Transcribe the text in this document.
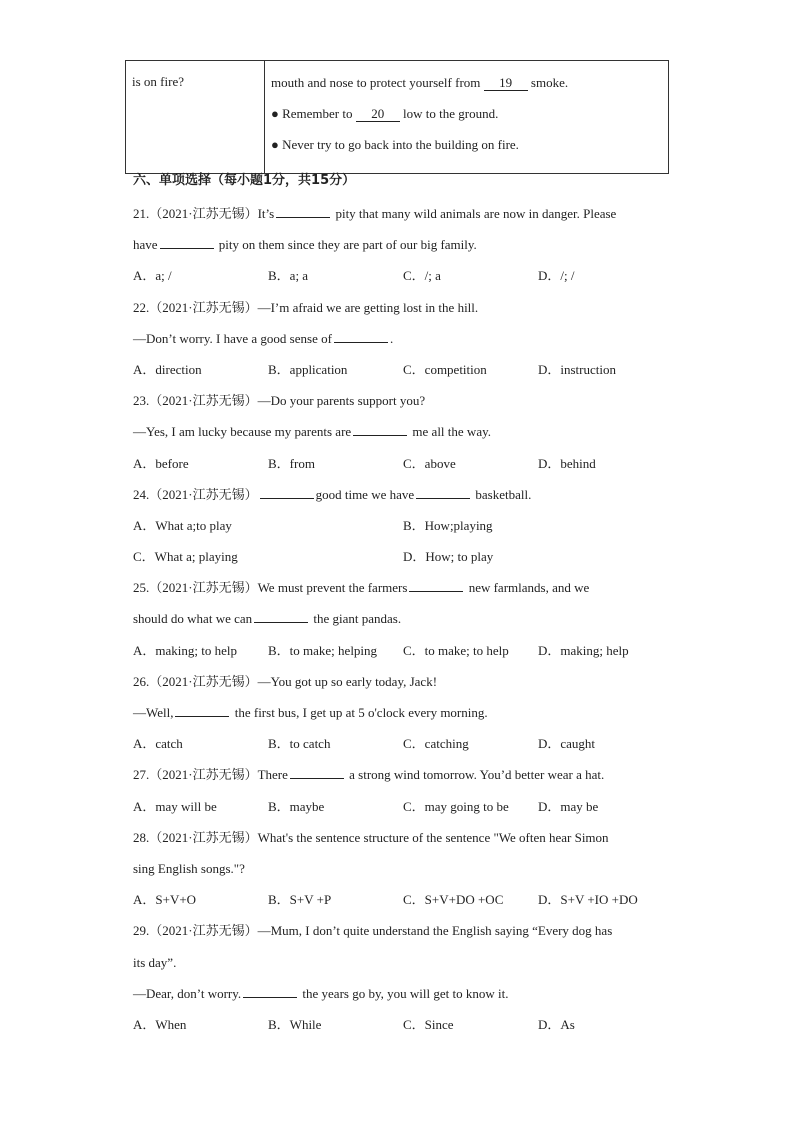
is on fire?	mouth and nose to protect yourself from 19 smoke.
● Remember to 20 low to the ground.
● Never try to go back into the building on fire.
六、单项选择（每小题1分，共15分）
21.（2021·江苏无锡）It’s	pity that many wild animals are now in danger. Please
have	pity on them since they are part of our big family.
A．a; /	B．a; a	C．/; a	D．/; /
22.（2021·江苏无锡）—I’m afraid we are getting lost in the hill.
—Don’t worry. I have a good sense of	.
A．direction	B．application	C．competition	D．instruction
23.（2021·江苏无锡）—Do your parents support you?
—Yes, I am lucky because my parents are	me all the way.
A．before	B．from	C．above	D．behind
24.（2021·江苏无锡）	good time we have	basketball.
A．What a;to play	B．How;playing
C．What a; playing	D．How; to play
25.（2021·江苏无锡）We must prevent the farmers	new farmlands, and we
should do what we can	the giant pandas.
A．making; to help	B．to make; helping	C．to make; to help	D．making; help
26.（2021·江苏无锡）—You got up so early today, Jack!
—Well,	the first bus, I get up at 5 o'clock every morning.
A．catch	B．to catch	C．catching	D．caught
27.（2021·江苏无锡）There	a strong wind tomorrow. You’d better wear a hat.
A．may will be	B．maybe	C．may going to be	D．may be
28.（2021·江苏无锡）What's the sentence structure of the sentence "We often hear Simon
sing English songs."?
A．S+V+O	B．S+V +P	C．S+V+DO +OC	D．S+V +IO +DO
29.（2021·江苏无锡）—Mum, I don’t quite understand the English saying “Every dog has
its day”.
—Dear, don’t worry.	the years go by, you will get to know it.
A．When	B．While	C．Since	D．As
